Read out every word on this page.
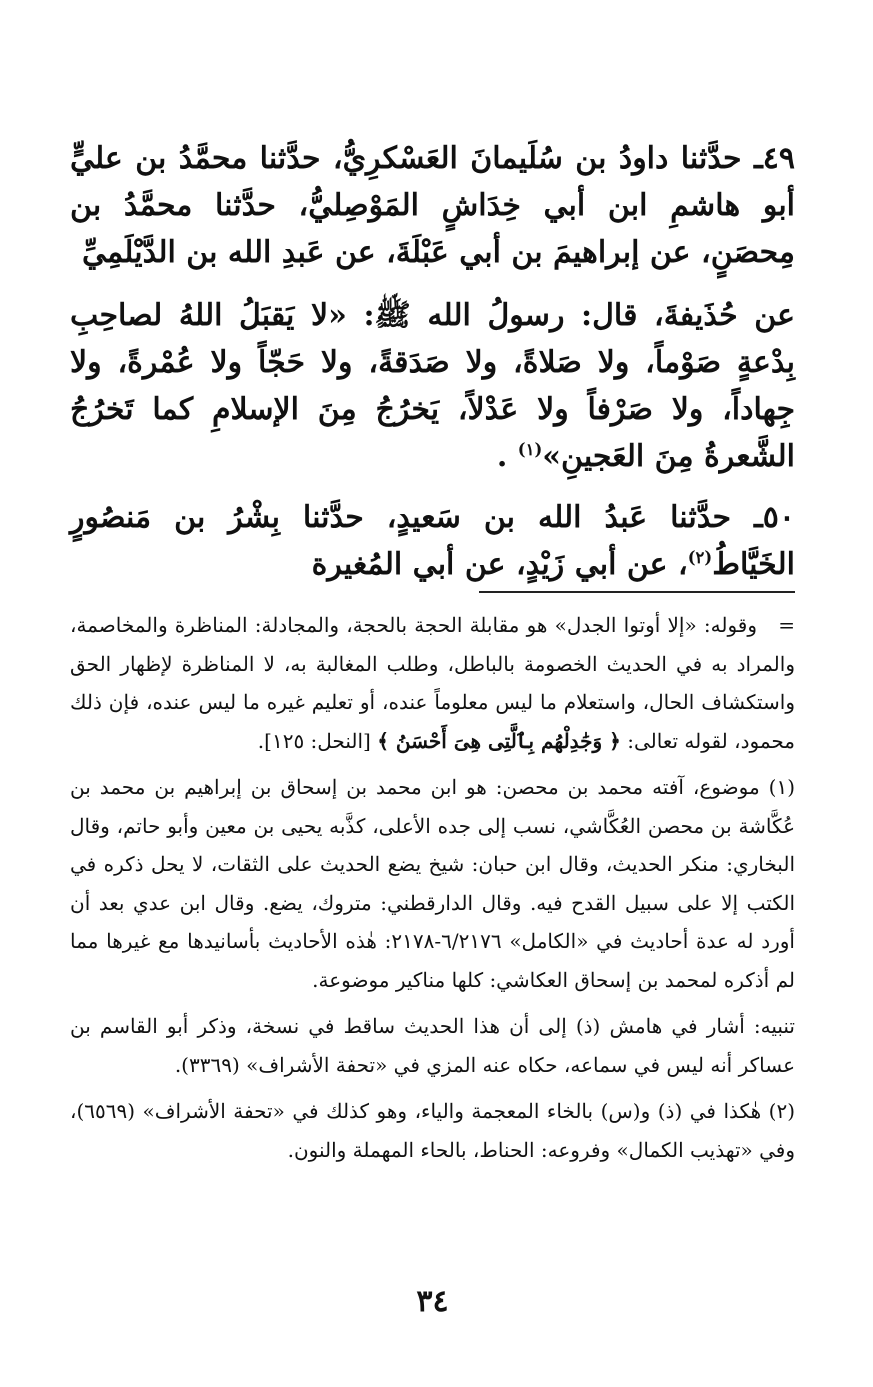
٤٩ـ حدَّثنا داودُ بن سُلَيمانَ العَسْكرِيُّ، حدَّثنا محمَّدُ بن عليٍّ أبو هاشمِ ابن أبي خِدَاشٍ المَوْصِليُّ، حدَّثنا محمَّدُ بن مِحصَنٍ، عن إبراهيمَ بن أبي عَبْلَةَ، عن عَبدِ الله بن الدَّيْلَمِيِّ

عن حُذَيفةَ، قال: رسولُ الله ﷺ: «لا يَقبَلُ اللهُ لصاحِبِ بِدْعةٍ صَوْماً، ولا صَلاةً، ولا صَدَقةً، ولا حَجّاً ولا عُمْرةً، ولا جِهاداً، ولا صَرْفاً ولا عَدْلاً، يَخرُجُ مِنَ الإسلامِ كما تَخرُجُ الشَّعرةُ مِنَ العَجينِ»$^{(١)}$ .

٥٠ـ حدَّثنا عَبدُ الله بن سَعيدٍ، حدَّثنا بِشْرُ بن مَنصُورٍ الخَيَّاطُ$^{(٢)}$، عن أبي زَيْدٍ، عن أبي المُغيرة

=وقوله: «إلا أوتوا الجدل» هو مقابلة الحجة بالحجة، والمجادلة: المناظرة والمخاصمة، والمراد به في الحديث الخصومة بالباطل، وطلب المغالبة به، لا المناظرة لإظهار الحق واستكشاف الحال، واستعلام ما ليس معلوماً عنده، أو تعليم غيره ما ليس عنده، فإن ذلك محمود، لقوله تعالى: ﴿ وَجَٰدِلْهُم بِٱلَّتِى هِىَ أَحْسَنُ ﴾ [النحل: ١٢٥].

(١) موضوع، آفته محمد بن محصن: هو ابن محمد بن إسحاق بن إبراهيم بن محمد بن عُكَّاشة بن محصن العُكَّاشي، نسب إلى جده الأعلى، كذَّبه يحيى بن معين وأبو حاتم، وقال البخاري: منكر الحديث، وقال ابن حبان: شيخ يضع الحديث على الثقات، لا يحل ذكره في الكتب إلا على سبيل القدح فيه. وقال الدارقطني: متروك، يضع. وقال ابن عدي بعد أن أورد له عدة أحاديث في «الكامل» ٦/٢١٧٦-٢١٧٨: هٰذه الأحاديث بأسانيدها مع غيرها مما لم أذكره لمحمد بن إسحاق العكاشي: كلها مناكير موضوعة.

تنبيه: أشار في هامش (ذ) إلى أن هذا الحديث ساقط في نسخة، وذكر أبو القاسم بن عساكر أنه ليس في سماعه، حكاه عنه المزي في «تحفة الأشراف» (٣٣٦٩).

(٢) هٰكذا في (ذ) و(س) بالخاء المعجمة والياء، وهو كذلك في «تحفة الأشراف» (٦٥٦٩)، وفي «تهذيب الكمال» وفروعه: الحناط، بالحاء المهملة والنون.

٣٤
